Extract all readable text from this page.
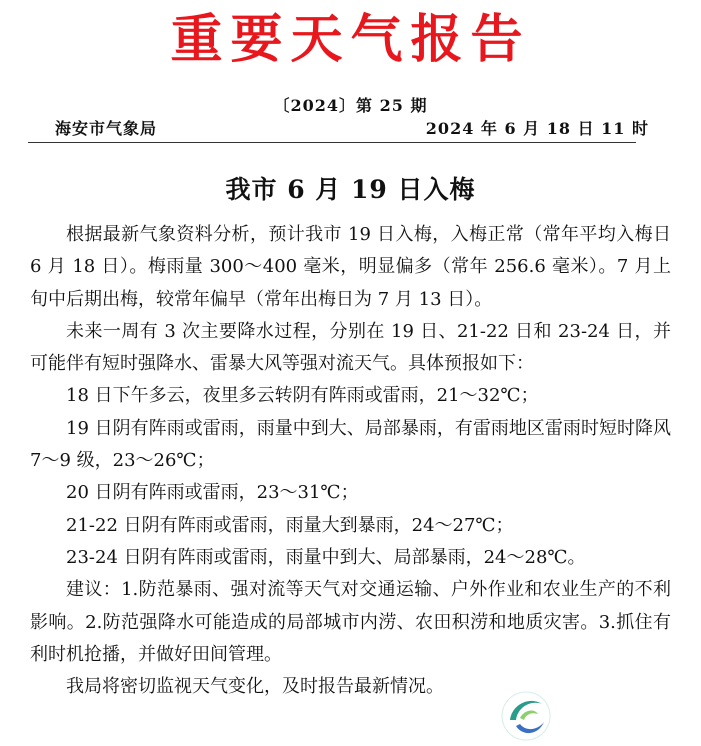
重要天气报告
〔2024〕第 25 期
海安市气象局	2024 年 6 月 18 日 11 时
我市 6 月 19 日入梅

根据最新气象资料分析，预计我市 19 日入梅，入梅正常（常年平均入梅日 6 月 18 日）。梅雨量 300～400 毫米，明显偏多（常年 256.6 毫米）。7 月上旬中后期出梅，较常年偏早（常年出梅日为 7 月 13 日）。

未来一周有 3 次主要降水过程，分别在 19 日、21-22 日和 23-24 日，并可能伴有短时强降水、雷暴大风等强对流天气。具体预报如下：

18 日下午多云，夜里多云转阴有阵雨或雷雨，21～32℃；

19 日阴有阵雨或雷雨，雨量中到大、局部暴雨，有雷雨地区雷雨时短时降风 7～9 级，23～26℃；

20 日阴有阵雨或雷雨，23～31℃；

21-22 日阴有阵雨或雷雨，雨量大到暴雨，24～27℃；

23-24 日阴有阵雨或雷雨，雨量中到大、局部暴雨，24～28℃。

建议：1.防范暴雨、强对流等天气对交通运输、户外作业和农业生产的不利影响。2.防范强降水可能造成的局部城市内涝、农田积涝和地质灾害。3.抓住有利时机抢播，并做好田间管理。

我局将密切监视天气变化，及时报告最新情况。
